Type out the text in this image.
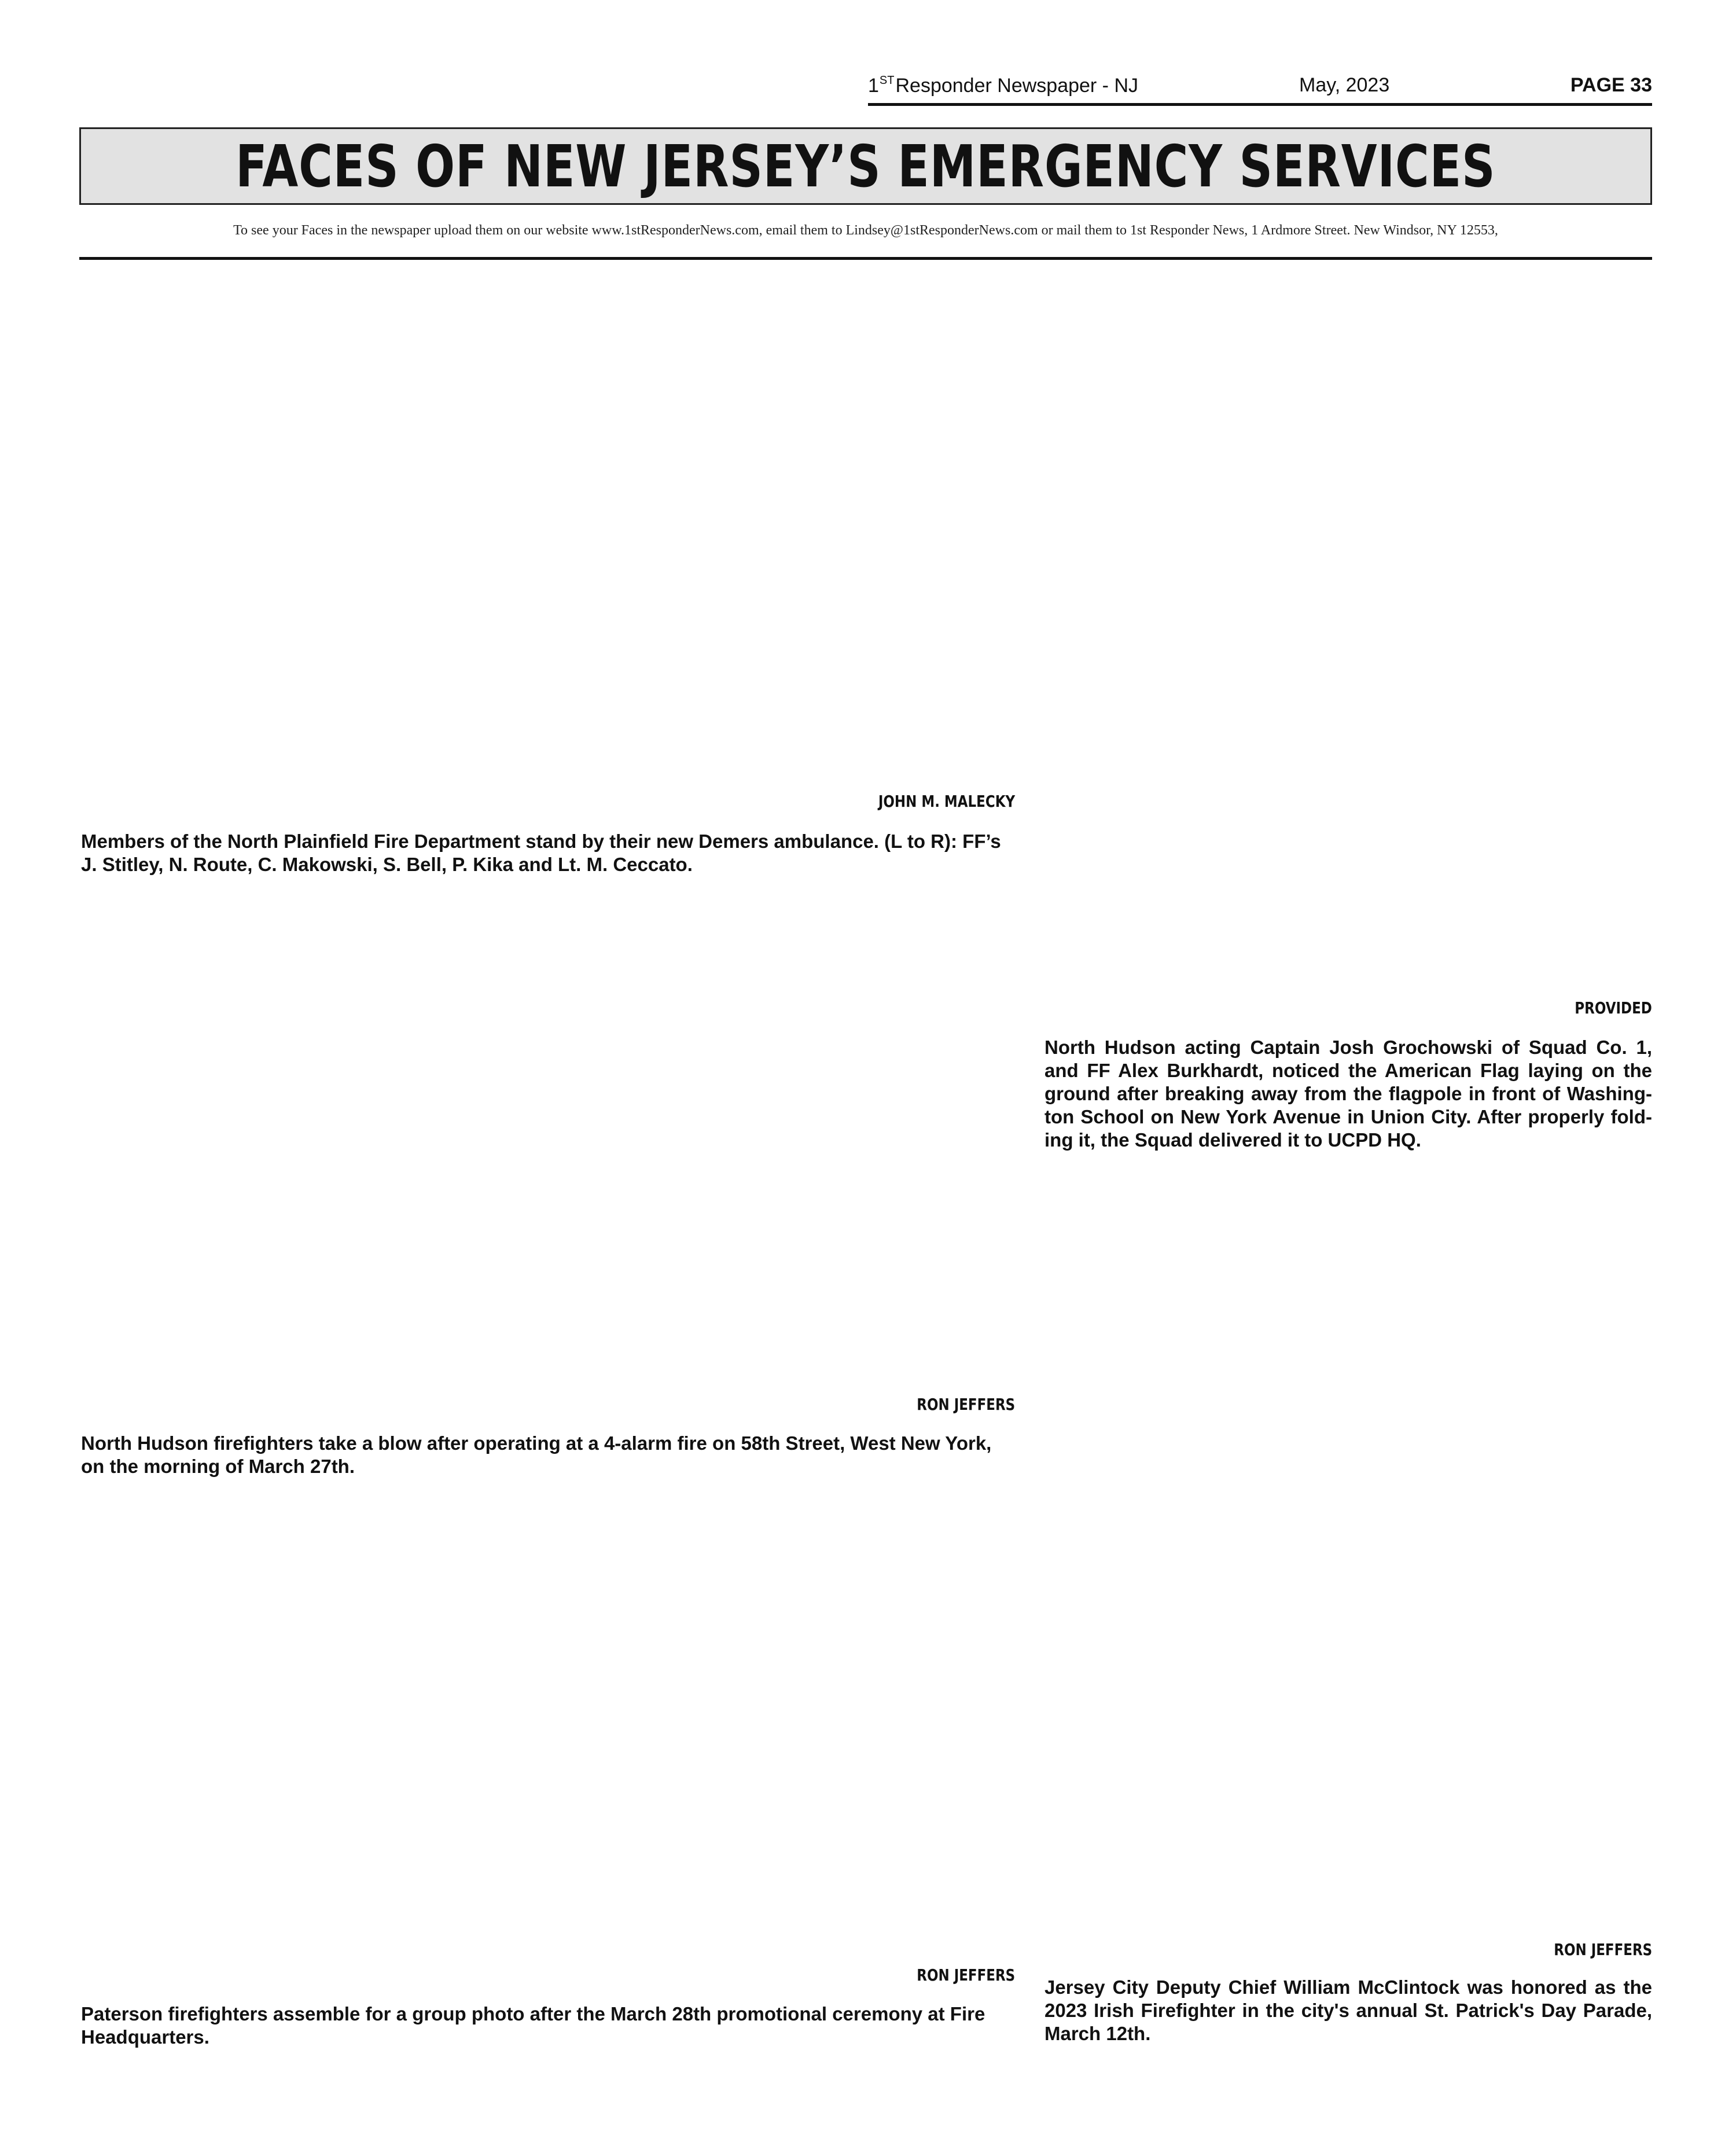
1STResponder Newspaper - NJ	May, 2023	PAGE 33
FACES OF NEW JERSEY’S EMERGENCY SERVICES
To see your Faces in the newspaper upload them on our website www.1stResponderNews.com, email them to Lindsey@1stResponderNews.com or mail them to 1st Responder News, 1 Ardmore Street. New Windsor, NY 12553,
JOHN M. MALECKY
Members of the North Plainfield Fire Department stand by their new Demers ambulance. (L to R): FF’s J. Stitley, N. Route, C. Makowski, S. Bell, P. Kika and Lt. M. Ceccato.
PROVIDED
North Hudson acting Captain Josh Grochowski of Squad Co. 1, and FF Alex Burkhardt, noticed the American Flag laying on the ground after breaking away from the flagpole in front of Washing-ton School on New York Avenue in Union City. After properly fold-ing it, the Squad delivered it to UCPD HQ.
RON JEFFERS
North Hudson firefighters take a blow after operating at a 4-alarm fire on 58th Street, West New York, on the morning of March 27th.
RON JEFFERS
Jersey City Deputy Chief William McClintock was honored as the 2023 Irish Firefighter in the city's annual St. Patrick's Day Parade, March 12th.
RON JEFFERS
Paterson firefighters assemble for a group photo after the March 28th promotional ceremony at Fire Headquarters.
